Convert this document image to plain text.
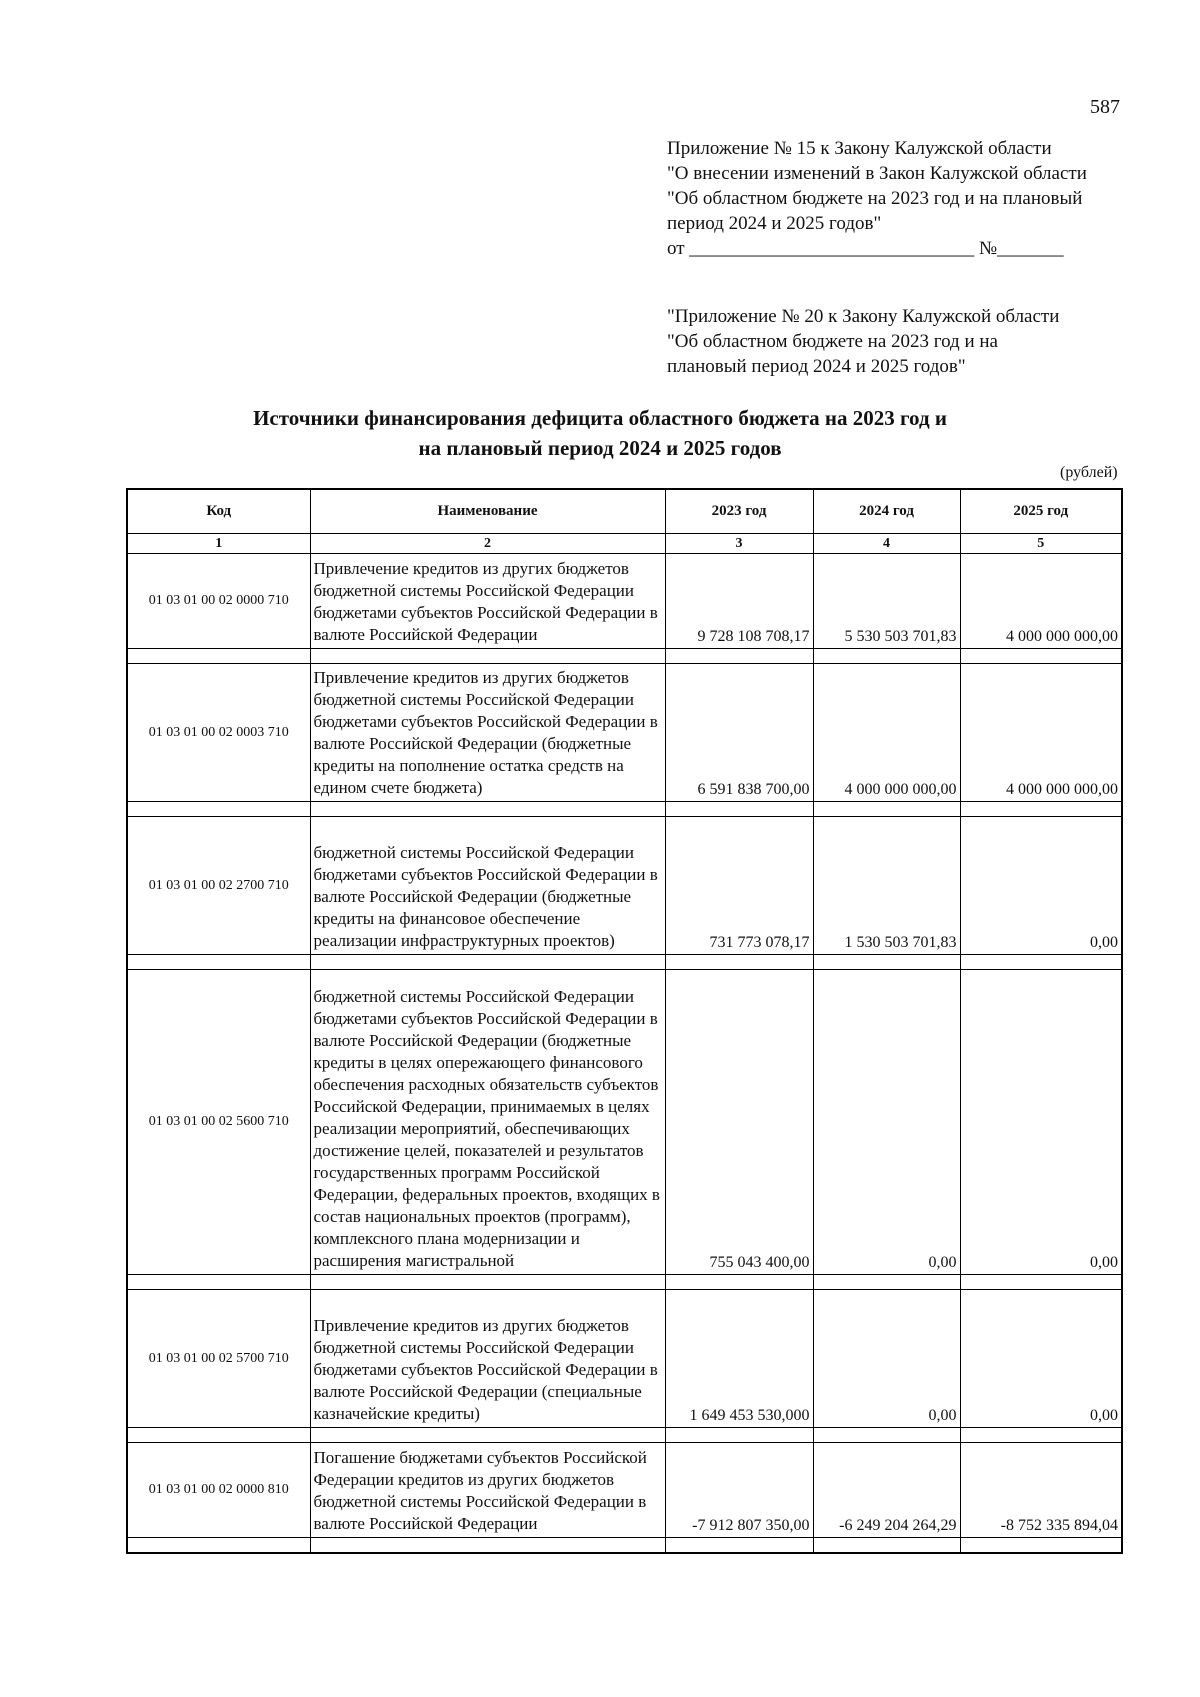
587
Приложение № 15 к Закону Калужской области
"О внесении изменений в Закон Калужской области
"Об областном бюджете на 2023 год и на плановый
период 2024 и 2025 годов"
от ______________________________ №_______
"Приложение № 20 к Закону Калужской области
"Об областном бюджете на 2023 год и на
плановый период 2024 и 2025 годов"
Источники финансирования дефицита областного бюджета на 2023 год и
на плановый период 2024 и 2025 годов
(рублей)
Код	Наименование	2023 год	2024 год	2025 год
1	2	3	4	5
01 03 01 00 02 0000 710	Привлечение кредитов из других бюджетов бюджетной системы Российской Федерации бюджетами субъектов Российской Федерации в валюте Российской Федерации	9 728 108 708,17	5 530 503 701,83	4 000 000 000,00

01 03 01 00 02 0003 710	Привлечение кредитов из других бюджетов бюджетной системы Российской Федерации бюджетами субъектов Российской Федерации в валюте Российской Федерации (бюджетные кредиты на пополнение остатка средств на едином счете бюджета)	6 591 838 700,00	4 000 000 000,00	4 000 000 000,00

01 03 01 00 02 2700 710	бюджетной системы Российской Федерации бюджетами субъектов Российской Федерации в валюте Российской Федерации (бюджетные кредиты на финансовое обеспечение реализации инфраструктурных проектов)	731 773 078,17	1 530 503 701,83	0,00

01 03 01 00 02 5600 710	бюджетной системы Российской Федерации бюджетами субъектов Российской Федерации в валюте Российской Федерации (бюджетные кредиты в целях опережающего финансового обеспечения расходных обязательств субъектов Российской Федерации, принимаемых в целях реализации мероприятий, обеспечивающих достижение целей, показателей и результатов государственных программ Российской Федерации, федеральных проектов, входящих в состав национальных проектов (программ), комплексного плана модернизации и расширения магистральной	755 043 400,00	0,00	0,00

01 03 01 00 02 5700 710	Привлечение кредитов из других бюджетов бюджетной системы Российской Федерации бюджетами субъектов Российской Федерации в валюте Российской Федерации (специальные казначейские кредиты)	1 649 453 530,000	0,00	0,00

01 03 01 00 02 0000 810	Погашение бюджетами субъектов Российской Федерации кредитов из других бюджетов бюджетной системы Российской Федерации в валюте Российской Федерации	-7 912 807 350,00	-6 249 204 264,29	-8 752 335 894,04
